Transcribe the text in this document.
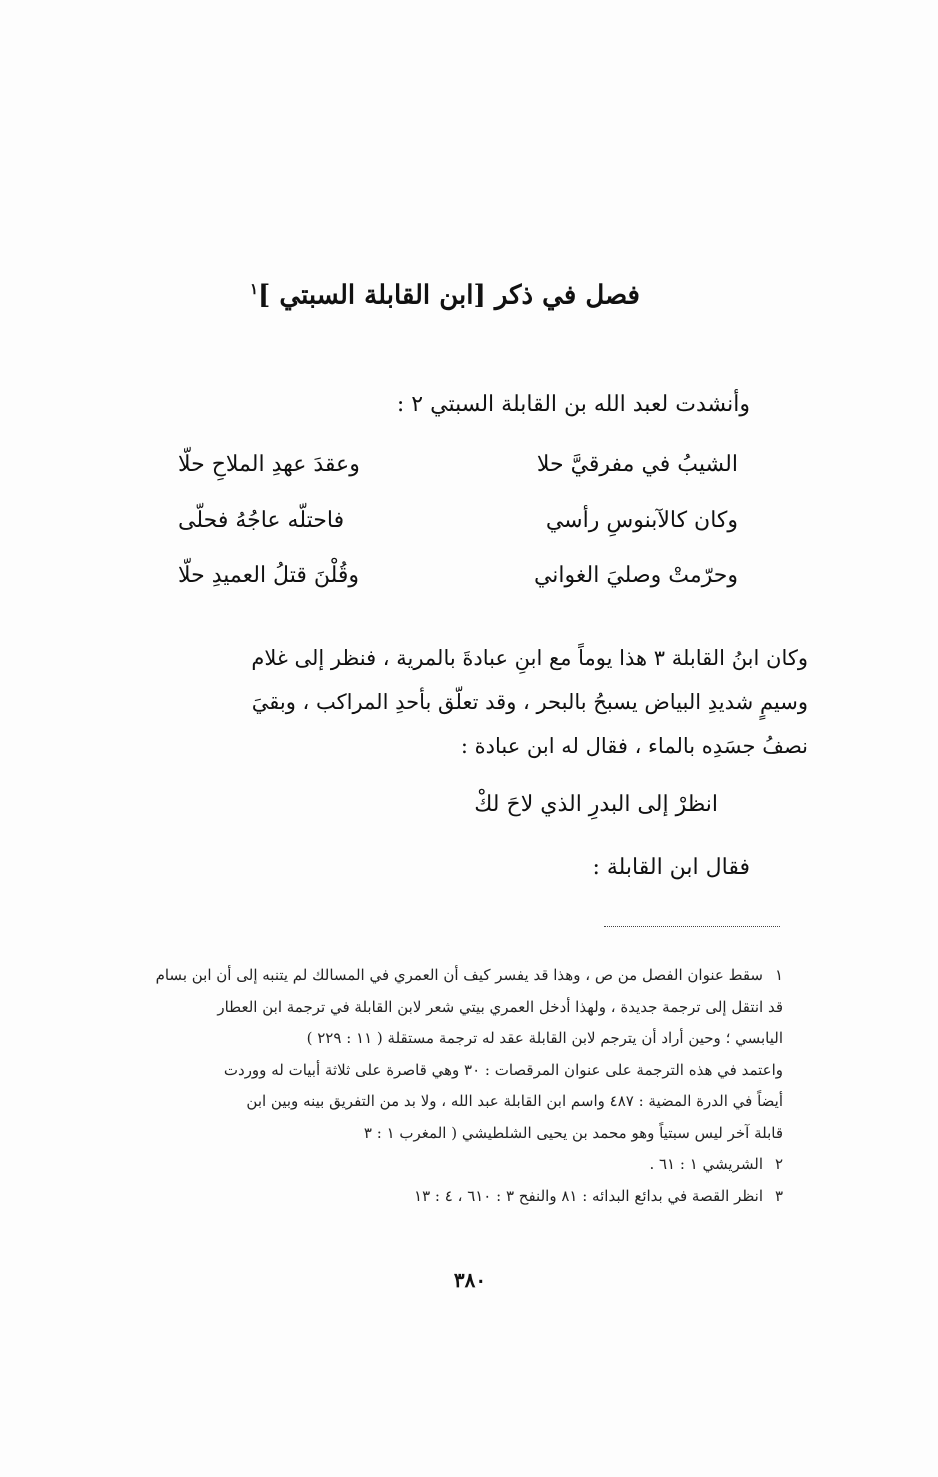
فصل في ذكر [ابن القابلة السبتي ]$^١$
وأنشدت لعبد الله بن القابلة السبتي ٢ :
الشيبُ في مفرقيَّ حلا
وعقدَ عهدِ الملاحِ حلّا
وكان كالآبنوسِ رأسي
فاحتلّه عاجُهُ فحلّى
وحرّمتْ وصليَ الغواني
وقُلْنَ قتلُ العميدِ حلّا

وكان ابنُ القابلة ٣ هذا يوماً مع ابنِ عبادةَ بالمرية ، فنظر إلى غلام

وسيمٍ شديدِ البياض يسبحُ بالبحر ، وقد تعلّق بأحدِ المراكب ، وبقيَ

نصفُ جسَدِه بالماء ، فقال له ابن عبادة :

انظرْ إلى البدرِ الذي لاحَ لكْ
فقال ابن القابلة :
١
سقط عنوان الفصل من ص ، وهذا قد يفسر كيف أن العمري في المسالك لم يتنبه إلى أن ابن بسام
قد انتقل إلى ترجمة جديدة ، ولهذا أدخل العمري بيتي شعر لابن القابلة في ترجمة ابن العطار
اليابسي ؛ وحين أراد أن يترجم لابن القابلة عقد له ترجمة مستقلة ( ١١ : ٢٢٩ )
واعتمد في هذه الترجمة على عنوان المرقصات : ٣٠ وهي قاصرة على ثلاثة أبيات له ووردت
أيضاً في الدرة المضية : ٤٨٧ واسم ابن القابلة عبد الله ، ولا بد من التفريق بينه وبين ابن
قابلة آخر ليس سبتياً وهو محمد بن يحيى الشلطيشي ( المغرب ١ : ٣
٢
الشريشي ١ : ٦١ .
٣
انظر القصة في بدائع البدائه : ٨١ والنفح ٣ : ٦١٠ ، ٤ : ١٣
٣٨٠
